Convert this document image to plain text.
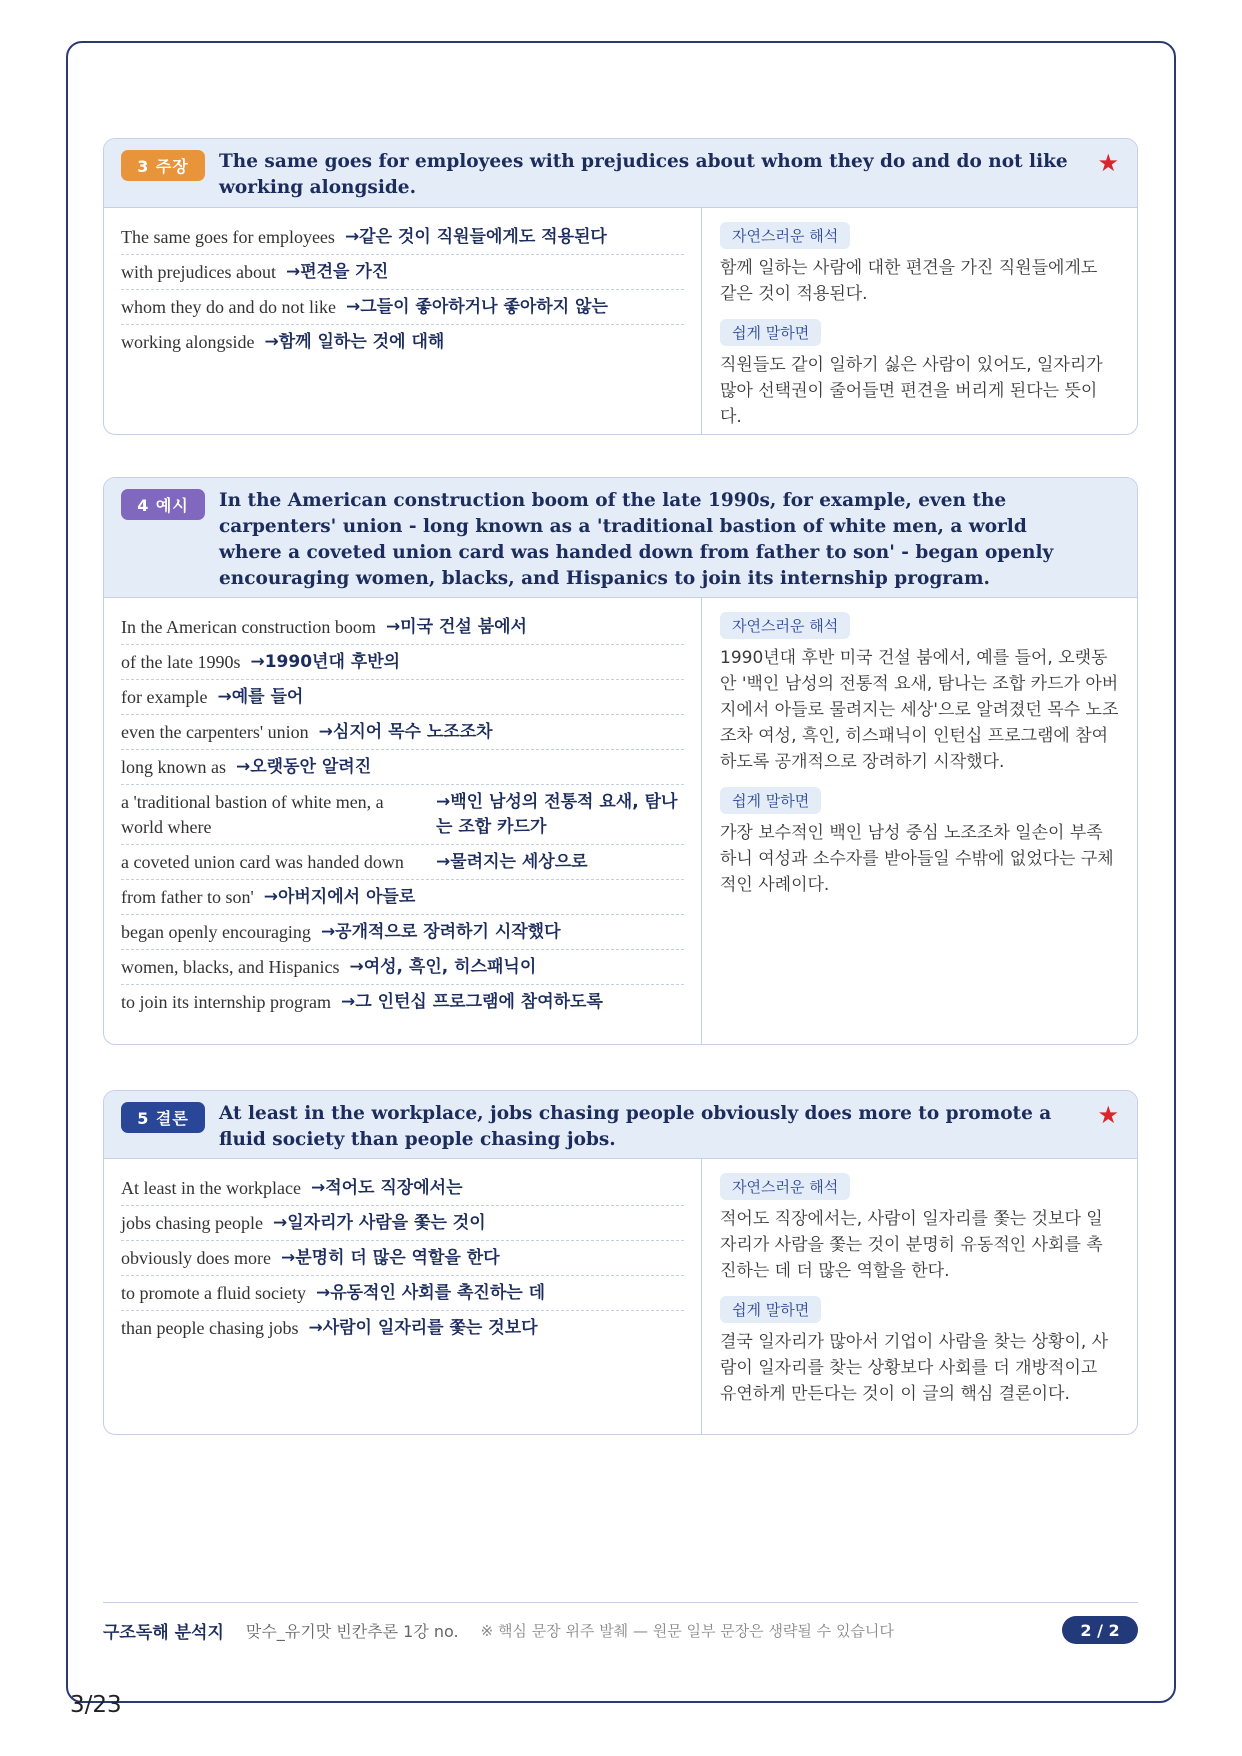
3 주장	The same goes for employees with prejudices about whom they do and do not like working alongside.
★
The same goes for employees →같은 것이 직원들에게도 적용된다
with prejudices about →편견을 가진
whom they do and do not like →그들이 좋아하거나 좋아하지 않는
working alongside →함께 일하는 것에 대해
자연스러운 해석
함께 일하는 사람에 대한 편견을 가진 직원들에게도 같은 것이 적용된다.
쉽게 말하면
직원들도 같이 일하기 싫은 사람이 있어도, 일자리가 많아 선택권이 줄어들면 편견을 버리게 된다는 뜻이다.
4 예시	In the American construction boom of the late 1990s, for example, even the carpenters' union - long known as a 'traditional bastion of white men, a world where a coveted union card was handed down from father to son' - began openly encouraging women, blacks, and Hispanics to join its internship program.
In the American construction boom →미국 건설 붐에서
of the late 1990s →1990년대 후반의
for example →예를 들어
even the carpenters' union →심지어 목수 노조조차
long known as →오랫동안 알려진
a 'traditional bastion of white men, a world where
→백인 남성의 전통적 요새, 탐나는 조합 카드가
a coveted union card was handed down	→물려지는 세상으로
from father to son' →아버지에서 아들로
began openly encouraging →공개적으로 장려하기 시작했다
women, blacks, and Hispanics →여성, 흑인, 히스패닉이
to join its internship program →그 인턴십 프로그램에 참여하도록
자연스러운 해석
1990년대 후반 미국 건설 붐에서, 예를 들어, 오랫동안 '백인 남성의 전통적 요새, 탐나는 조합 카드가 아버지에서 아들로 물려지는 세상'으로 알려졌던 목수 노조조차 여성, 흑인, 히스패닉이 인턴십 프로그램에 참여하도록 공개적으로 장려하기 시작했다.
쉽게 말하면
가장 보수적인 백인 남성 중심 노조조차 일손이 부족하니 여성과 소수자를 받아들일 수밖에 없었다는 구체적인 사례이다.
5 결론	At least in the workplace, jobs chasing people obviously does more to promote a fluid society than people chasing jobs.
★
At least in the workplace →적어도 직장에서는
jobs chasing people →일자리가 사람을 쫓는 것이
obviously does more →분명히 더 많은 역할을 한다
to promote a fluid society →유동적인 사회를 촉진하는 데
than people chasing jobs →사람이 일자리를 쫓는 것보다
자연스러운 해석
적어도 직장에서는, 사람이 일자리를 쫓는 것보다 일자리가 사람을 쫓는 것이 분명히 유동적인 사회를 촉진하는 데 더 많은 역할을 한다.
쉽게 말하면
결국 일자리가 많아서 기업이 사람을 찾는 상황이, 사람이 일자리를 찾는 상황보다 사회를 더 개방적이고 유연하게 만든다는 것이 이 글의 핵심 결론이다.
구조독해 분석지 맞수_유기맛 빈칸추론 1강 no. ※ 핵심 문장 위주 발췌 — 원문 일부 문장은 생략될 수 있습니다	2 / 2
3/23
